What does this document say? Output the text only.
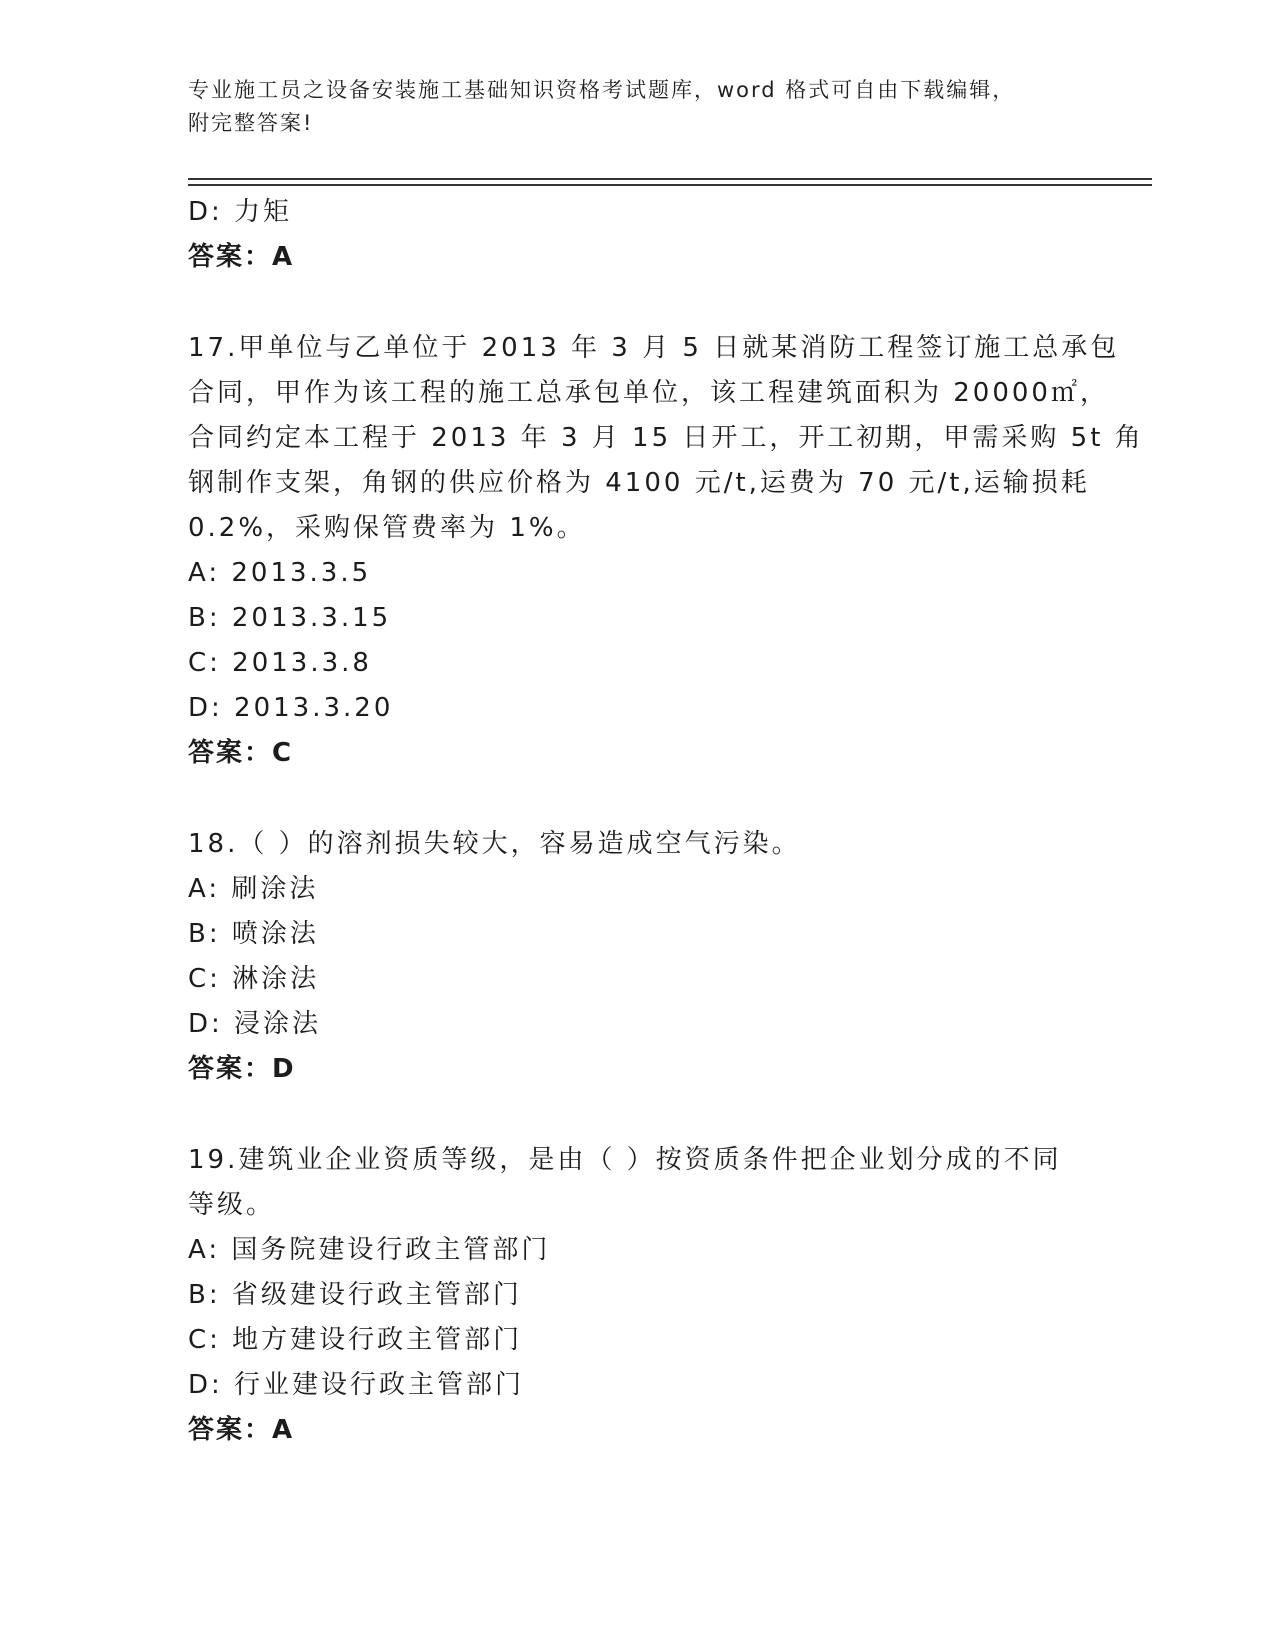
专业施工员之设备安装施工基础知识资格考试题库，word 格式可自由下载编辑，
附完整答案!
D: 力矩
答案：A
17.甲单位与乙单位于 2013 年 3 月 5 日就某消防工程签订施工总承包
合同，甲作为该工程的施工总承包单位，该工程建筑面积为 20000㎡，
合同约定本工程于 2013 年 3 月 15 日开工，开工初期，甲需采购 5t 角
钢制作支架，角钢的供应价格为 4100 元/t,运费为 70 元/t,运输损耗
0.2%，采购保管费率为 1%。
A: 2013.3.5
B: 2013.3.15
C: 2013.3.8
D: 2013.3.20
答案：C
18.（ ）的溶剂损失较大，容易造成空气污染。
A: 刷涂法
B: 喷涂法
C: 淋涂法
D: 浸涂法
答案：D
19.建筑业企业资质等级，是由（ ）按资质条件把企业划分成的不同
等级。
A: 国务院建设行政主管部门
B: 省级建设行政主管部门
C: 地方建设行政主管部门
D: 行业建设行政主管部门
答案：A
